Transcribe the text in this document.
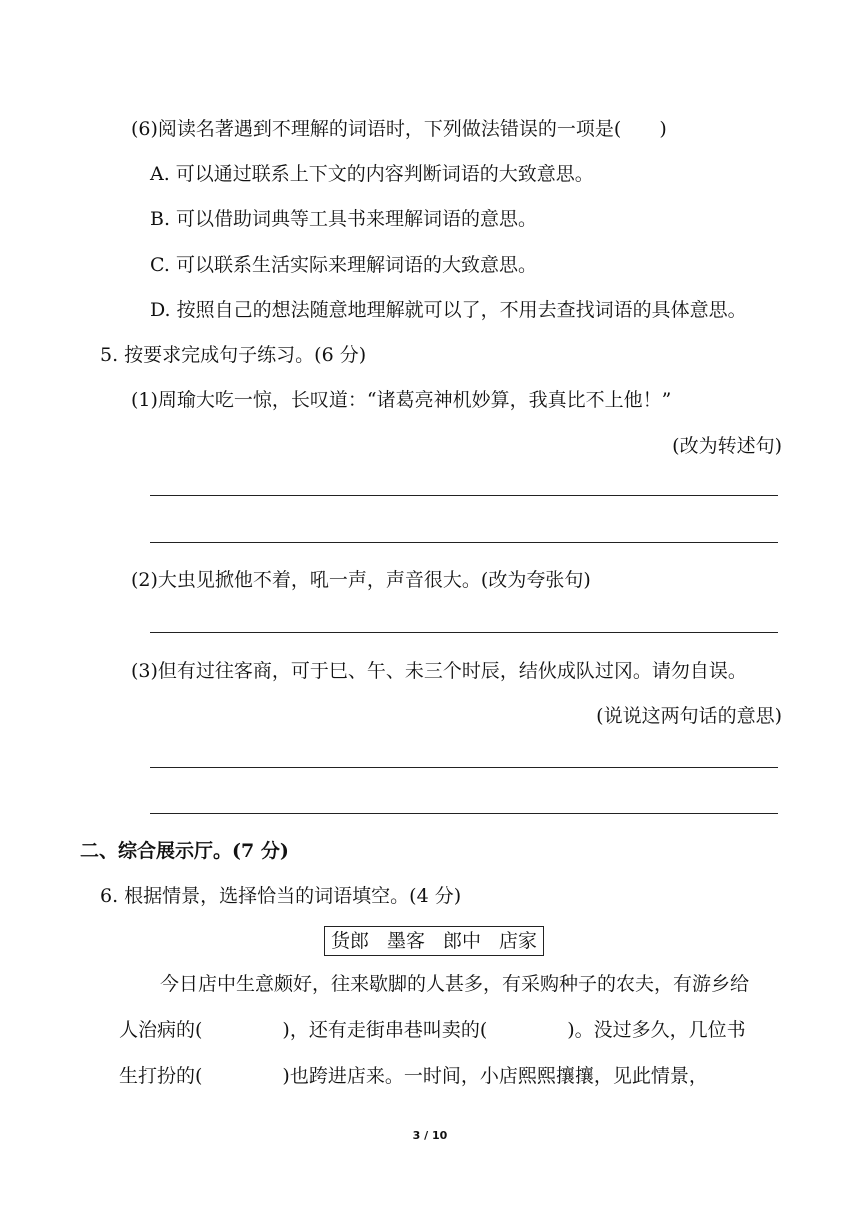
(6)阅读名著遇到不理解的词语时，下列做法错误的一项是(　　)
A. 可以通过联系上下文的内容判断词语的大致意思。
B. 可以借助词典等工具书来理解词语的意思。
C. 可以联系生活实际来理解词语的大致意思。
D. 按照自己的想法随意地理解就可以了，不用去查找词语的具体意思。
5. 按要求完成句子练习。(6 分)
(1)周瑜大吃一惊，长叹道：“诸葛亮神机妙算，我真比不上他！”
(改为转述句)
(2)大虫见掀他不着，吼一声，声音很大。(改为夸张句)
(3)但有过往客商，可于巳、午、未三个时辰，结伙成队过冈。请勿自误。
(说说这两句话的意思)
二、综合展示厅。(7 分)
6. 根据情景，选择恰当的词语填空。(4 分)
货郎 墨客 郎中 店家
今日店中生意颇好，往来歇脚的人甚多，有采购种子的农夫，有游乡给
人治病的(	)，还有走街串巷叫卖的(	)。没过多久，几位书
生打扮的(	)也跨进店来。一时间，小店熙熙攘攘，见此情景，
3 / 10
